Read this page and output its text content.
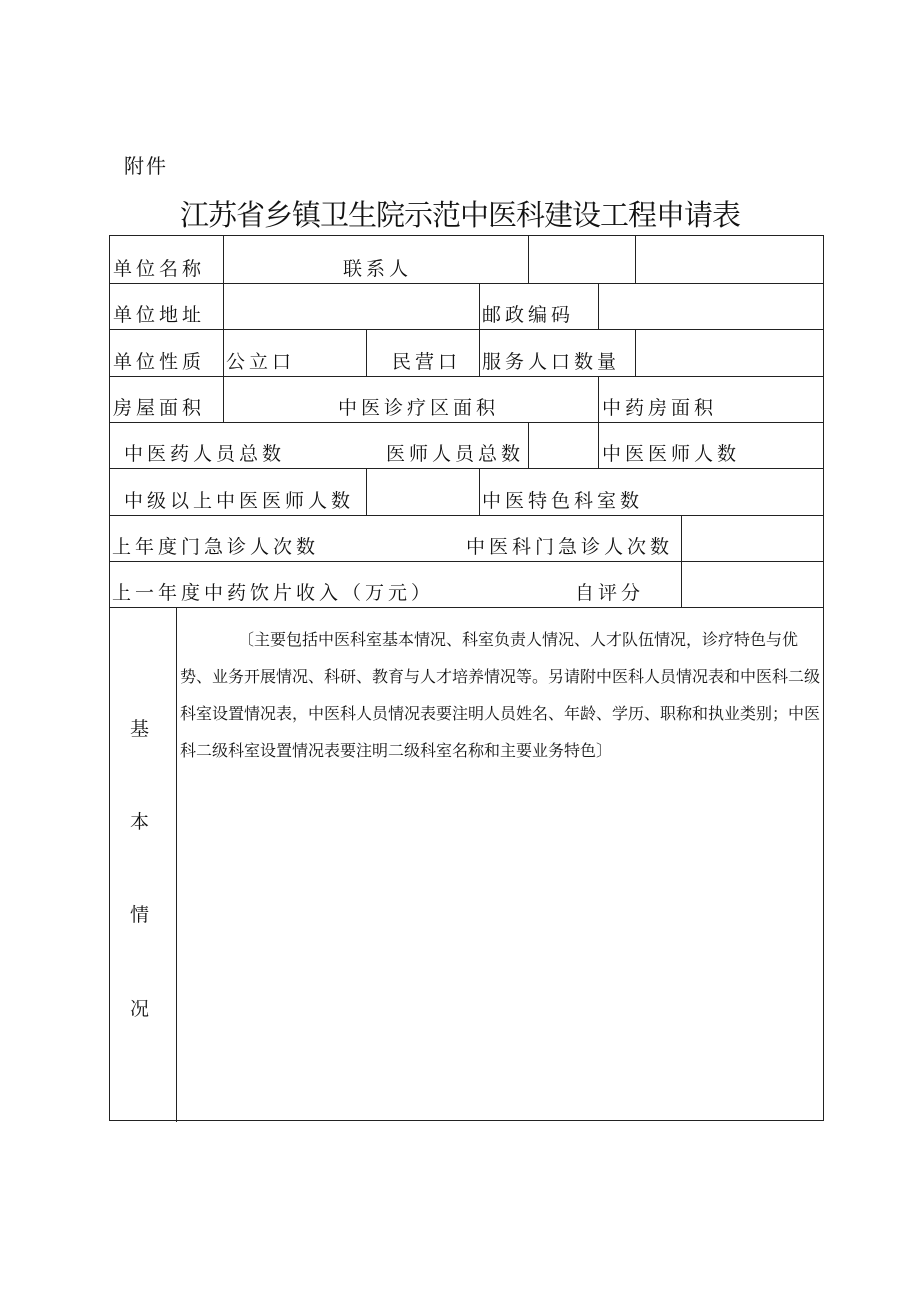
附件
江苏省乡镇卫生院示范中医科建设工程申请表
单位名称	联系人
单位地址	邮政编码
单位性质 公立口	民营口 服务人口数量
房屋面积	中医诊疗区面积	中药房面积
中医药人员总数	医师人员总数	中医医师人数
中级以上中医医师人数	中医特色科室数
上年度门急诊人次数	中医科门急诊人次数
上一年度中药饮片收入（万元）	自评分
基
本
情
况
〔主要包括中医科室基本情况、科室负责人情况、人才队伍情况，诊疗特色与优势、业务开展情况、科研、教育与人才培养情况等。另请附中医科人员情况表和中医科二级科室设置情况表，中医科人员情况表要注明人员姓名、年龄、学历、职称和执业类别；中医科二级科室设置情况表要注明二级科室名称和主要业务特色〕
